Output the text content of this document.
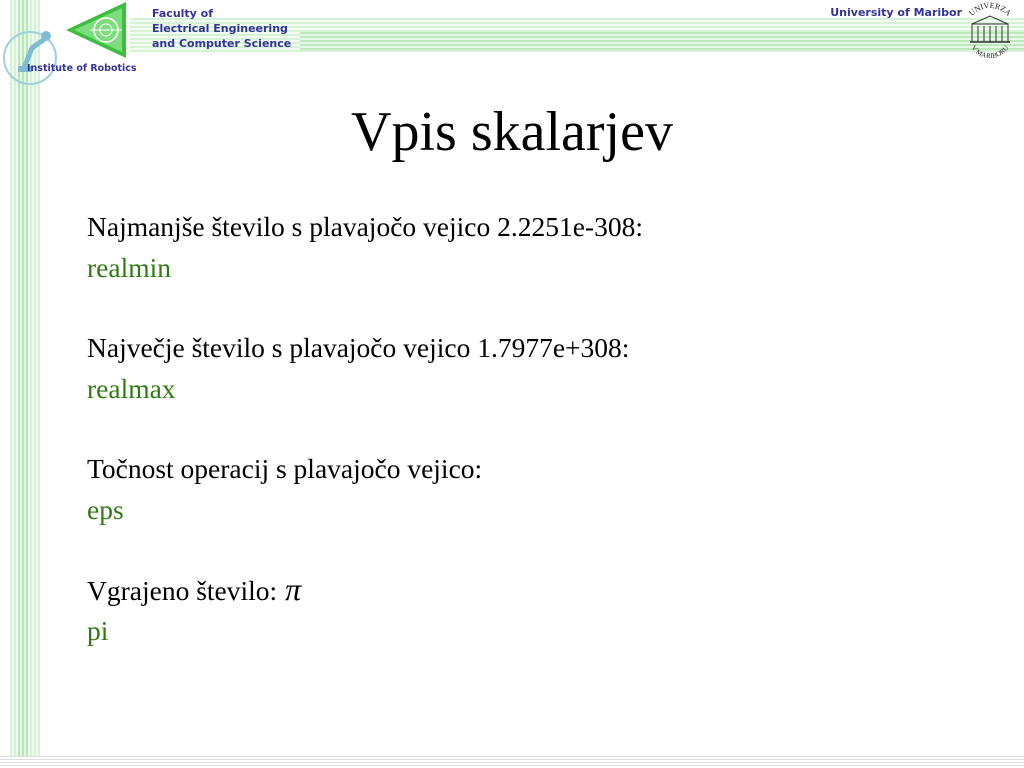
Faculty of
Electrical Engineering
and Computer Science
Institute of Robotics
University of Maribor UNIVERZA
V MARIBORU
Vpis skalarjev
Najmanjše število s plavajočo vejico 2.2251e-308:
realmin
Največje število s plavajočo vejico 1.7977e+308:
realmax
Točnost operacij s plavajočo vejico:
eps
Vgrajeno število: π
pi
